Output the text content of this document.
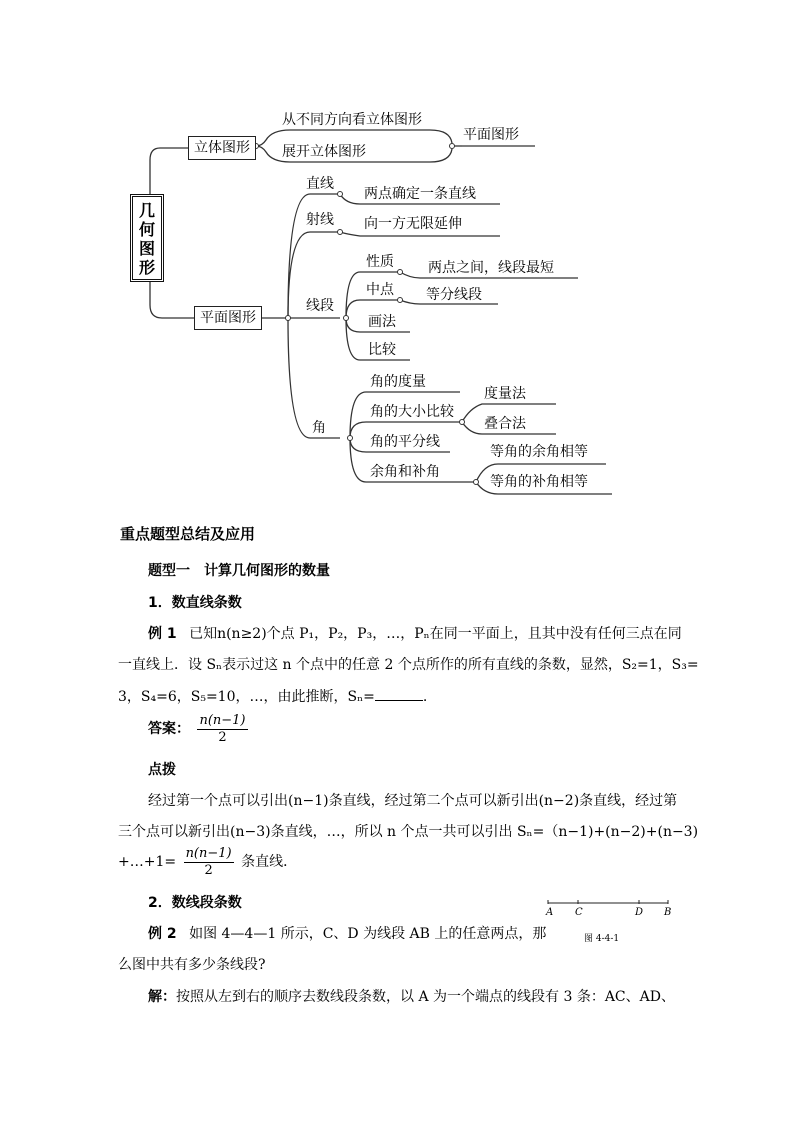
几何图形
立体图形
从不同方向看立体图形
展开立体图形
平面图形
平面图形
直线
两点确定一条直线
射线 向一方无限延伸
线段
性质
中点
画法
比较
两点之间，线段最短
等分线段
角
角的度量
角的大小比较
角的平分线
余角和补角
度量法
叠合法
等角的余角相等
等角的补角相等
重点题型总结及应用
题型一　计算几何图形的数量
1．数直线条数
例 1 已知n(n≥2)个点 P₁，P₂，P₃，…，Pₙ在同一平面上，且其中没有任何三点在同
一直线上．设 Sₙ表示过这 n 个点中的任意 2 个点所作的所有直线的条数，显然，S₂=1，S₃=
3，S₄=6，S₅=10，…，由此推断，Sₙ=	.
答案： $\frac{n(n-1)}{2}$
点拨
经过第一个点可以引出(n−1)条直线，经过第二个点可以新引出(n−2)条直线，经过第
三个点可以新引出(n−3)条直线，…，所以 n 个点一共可以引出 Sₙ=（n−1)+(n−2)+(n−3)
+…+1= $\frac{n(n-1)}{2}$ 条直线．
2．数线段条数
A C	D B
图 4-4-1
例 2 如图 4—4—1 所示，C、D 为线段 AB 上的任意两点，那
么图中共有多少条线段?
解：按照从左到右的顺序去数线段条数，以 A 为一个端点的线段有 3 条：AC、AD、
